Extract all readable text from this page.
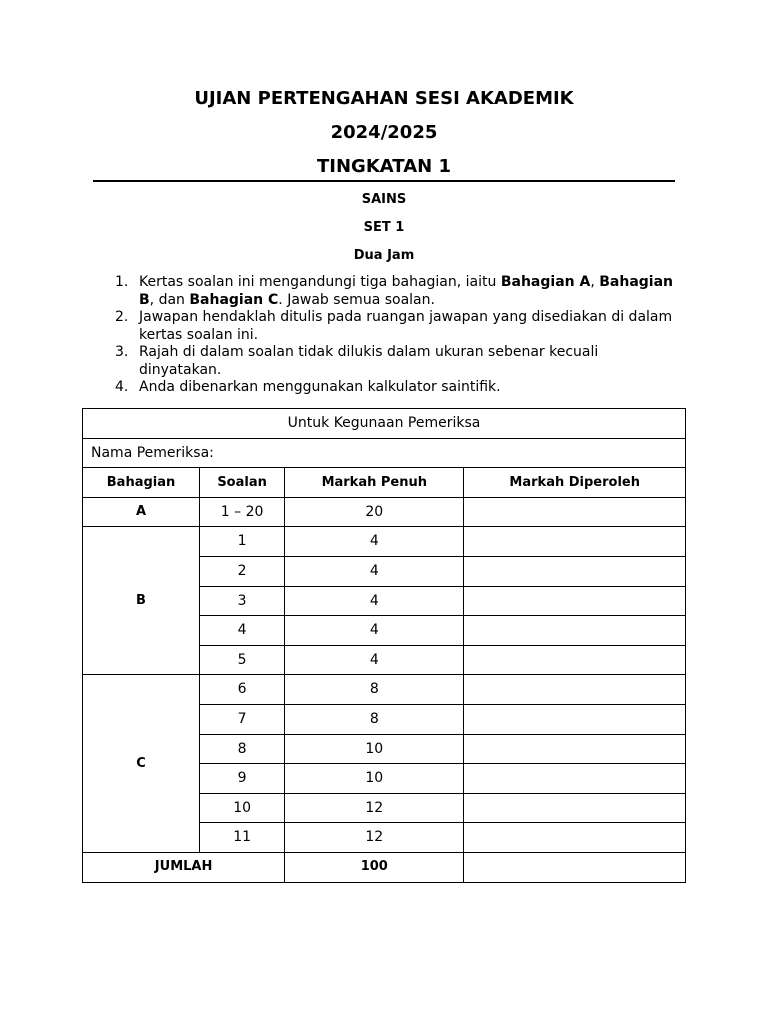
UJIAN PERTENGAHAN SESI AKADEMIK
2024/2025
TINGKATAN 1
SAINS
SET 1
Dua Jam
1. Kertas soalan ini mengandungi tiga bahagian, iaitu Bahagian A, Bahagian B, dan Bahagian C. Jawab semua soalan.
2. Jawapan hendaklah ditulis pada ruangan jawapan yang disediakan di dalam kertas soalan ini.
3. Rajah di dalam soalan tidak dilukis dalam ukuran sebenar kecuali dinyatakan.
4. Anda dibenarkan menggunakan kalkulator saintifik.
Untuk Kegunaan Pemeriksa			
Nama Pemeriksa:			
Bahagian	Soalan	Markah Penuh	Markah Diperoleh
A	1 – 20	20	
B	1	4	
	2	4	
	3	4	
	4	4	
	5	4	
C	6	8	
	7	8	
	8	10	
	9	10	
	10	12	
	11	12	
JUMLAH		100	
